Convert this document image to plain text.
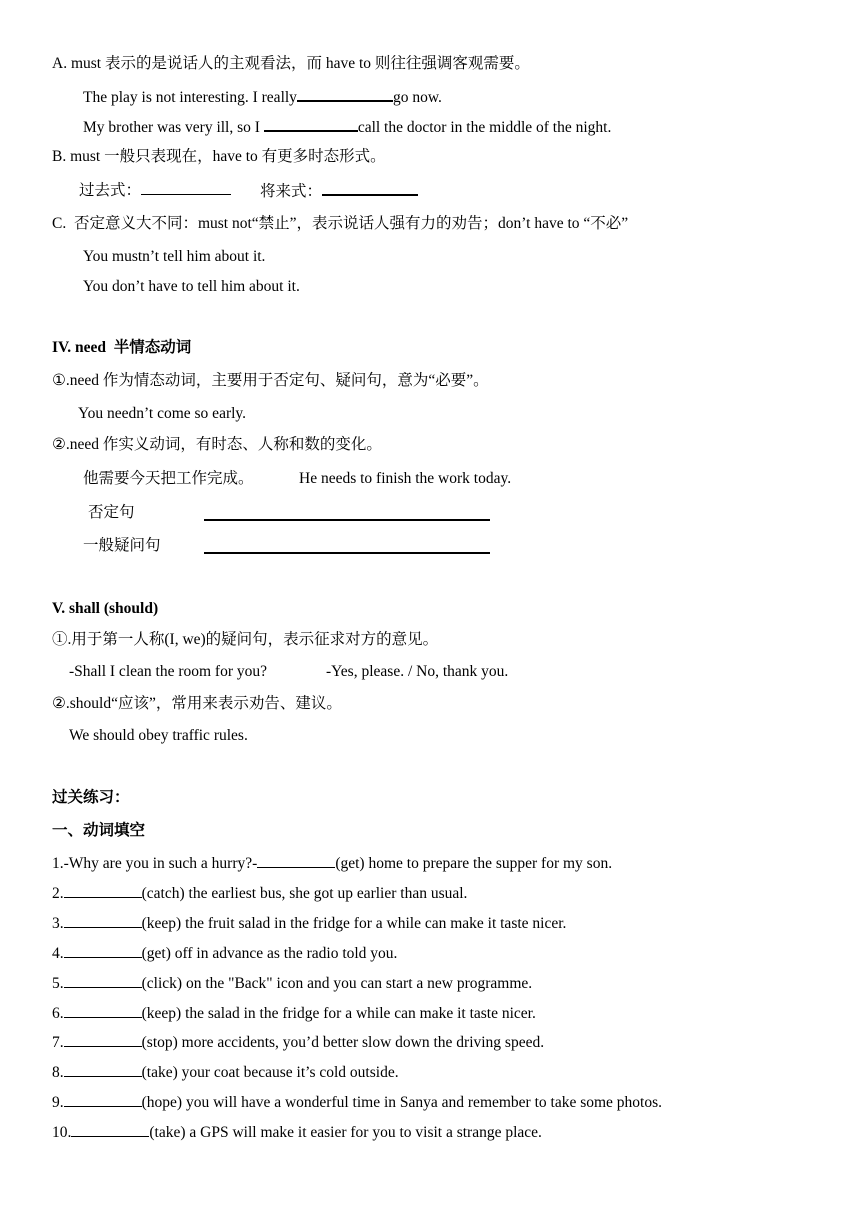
A. must 表示的是说话人的主观看法，而 have to 则往往强调客观需要。
The play is not interesting. I really	go now.
My brother was very ill, so I	call the doctor in the middle of the night.
B. must 一般只表现在，have to 有更多时态形式。
过去式：	将来式：
C.  否定意义大不同：must not“禁止”，表示说话人强有力的劝告；don’t have to “不必”
You mustn’t tell him about it.
You don’t have to tell him about it.
IV. need  半情态动词
①.need 作为情态动词，主要用于否定句、疑问句，意为“必要”。
You needn’t come so early.
②.need 作实义动词，有时态、人称和数的变化。
他需要今天把工作完成。	He needs to finish the work today.
否定句
一般疑问句
V. shall (should)
①.用于第一人称(I, we)的疑问句，表示征求对方的意见。
-Shall I clean the room for you?	-Yes, please. / No, thank you.
②.should“应该”，常用来表示劝告、建议。
We should obey traffic rules.
过关练习：
一、动词填空
1.-Why are you in such a hurry?-	(get) home to prepare the supper for my son.
2.	(catch) the earliest bus, she got up earlier than usual.
3.	(keep) the fruit salad in the fridge for a while can make it taste nicer.
4.	(get) off in advance as the radio told you.
5.	(click) on the "Back" icon and you can start a new programme.
6.	(keep) the salad in the fridge for a while can make it taste nicer.
7.	(stop) more accidents, you’d better slow down the driving speed.
8.	(take) your coat because it’s cold outside.
9.	(hope) you will have a wonderful time in Sanya and remember to take some photos.
10.	(take) a GPS will make it easier for you to visit a strange place.
